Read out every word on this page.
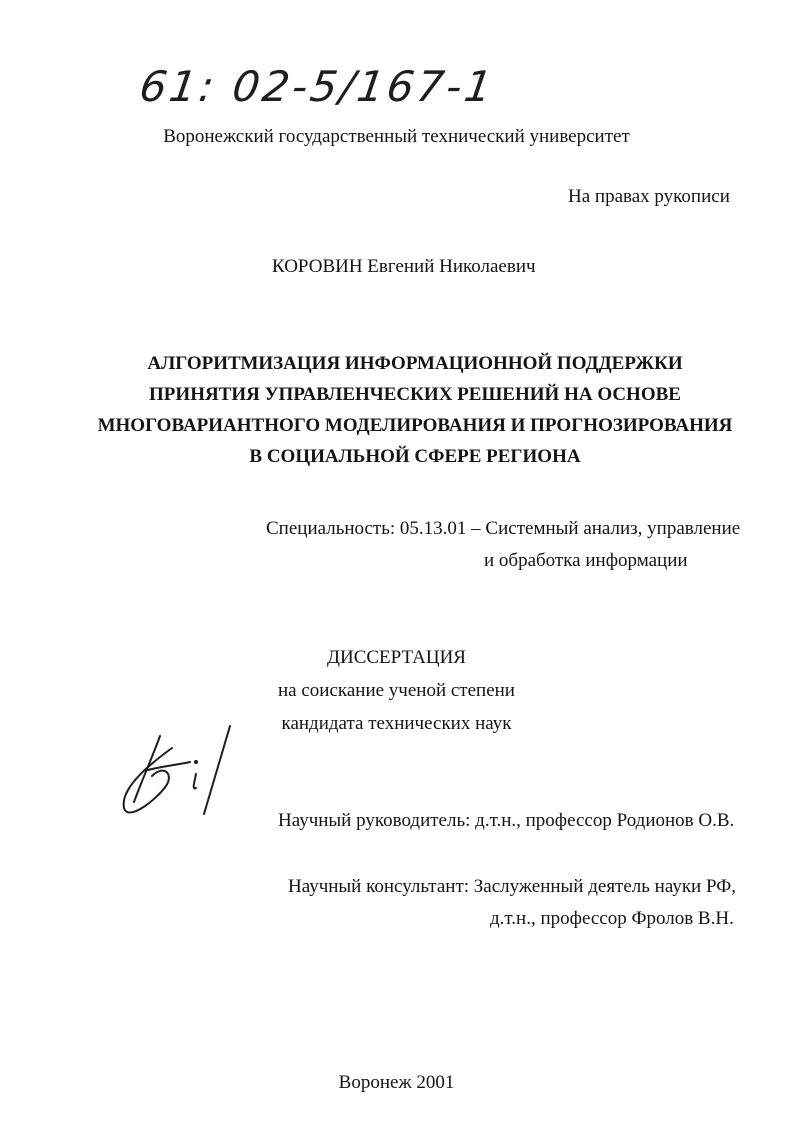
61: 02-5/167-1
Воронежский государственный технический университет
На правах рукописи
КОРОВИН Евгений Николаевич
АЛГОРИТМИЗАЦИЯ ИНФОРМАЦИОННОЙ ПОДДЕРЖКИ
ПРИНЯТИЯ УПРАВЛЕНЧЕСКИХ РЕШЕНИЙ НА ОСНОВЕ
МНОГОВАРИАНТНОГО МОДЕЛИРОВАНИЯ И ПРОГНОЗИРОВАНИЯ
В СОЦИАЛЬНОЙ СФЕРЕ РЕГИОНА
Специальность: 05.13.01 – Системный анализ, управление
и обработка информации
ДИССЕРТАЦИЯ
на соискание ученой степени
кандидата технических наук
Научный руководитель: д.т.н., профессор Родионов О.В.
Научный консультант: Заслуженный деятель науки РФ,
д.т.н., профессор Фролов В.Н.
Воронеж 2001
